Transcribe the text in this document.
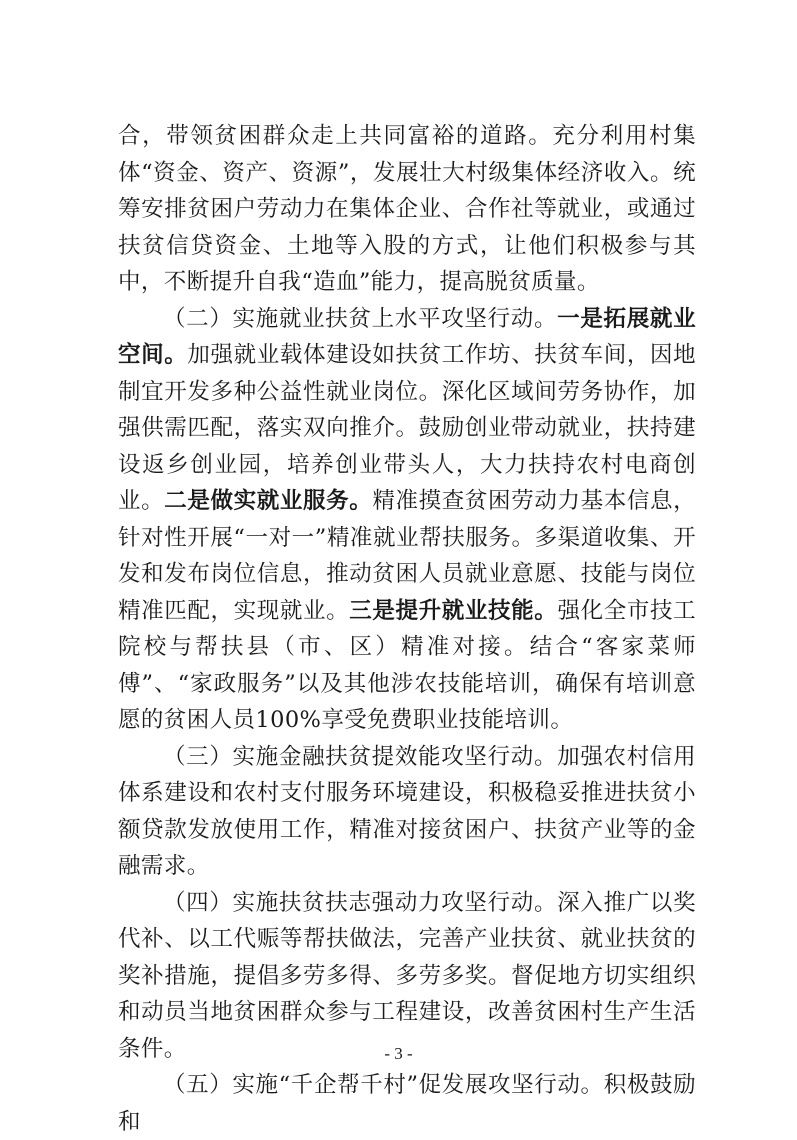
合，带领贫困群众走上共同富裕的道路。充分利用村集体“资金、资产、资源”，发展壮大村级集体经济收入。统筹安排贫困户劳动力在集体企业、合作社等就业，或通过扶贫信贷资金、土地等入股的方式，让他们积极参与其中，不断提升自我“造血”能力，提高脱贫质量。

（二）实施就业扶贫上水平攻坚行动。一是拓展就业空间。加强就业载体建设如扶贫工作坊、扶贫车间，因地制宜开发多种公益性就业岗位。深化区域间劳务协作，加强供需匹配，落实双向推介。鼓励创业带动就业，扶持建设返乡创业园，培养创业带头人，大力扶持农村电商创业。二是做实就业服务。精准摸查贫困劳动力基本信息，针对性开展“一对一”精准就业帮扶服务。多渠道收集、开发和发布岗位信息，推动贫困人员就业意愿、技能与岗位精准匹配，实现就业。三是提升就业技能。强化全市技工院校与帮扶县（市、区）精准对接。结合“客家菜师傅”、“家政服务”以及其他涉农技能培训，确保有培训意愿的贫困人员100%享受免费职业技能培训。

（三）实施金融扶贫提效能攻坚行动。加强农村信用体系建设和农村支付服务环境建设，积极稳妥推进扶贫小额贷款发放使用工作，精准对接贫困户、扶贫产业等的金融需求。

（四）实施扶贫扶志强动力攻坚行动。深入推广以奖代补、以工代赈等帮扶做法，完善产业扶贫、就业扶贫的奖补措施，提倡多劳多得、多劳多奖。督促地方切实组织和动员当地贫困群众参与工程建设，改善贫困村生产生活条件。

（五）实施“千企帮千村”促发展攻坚行动。积极鼓励和

- 3 -
